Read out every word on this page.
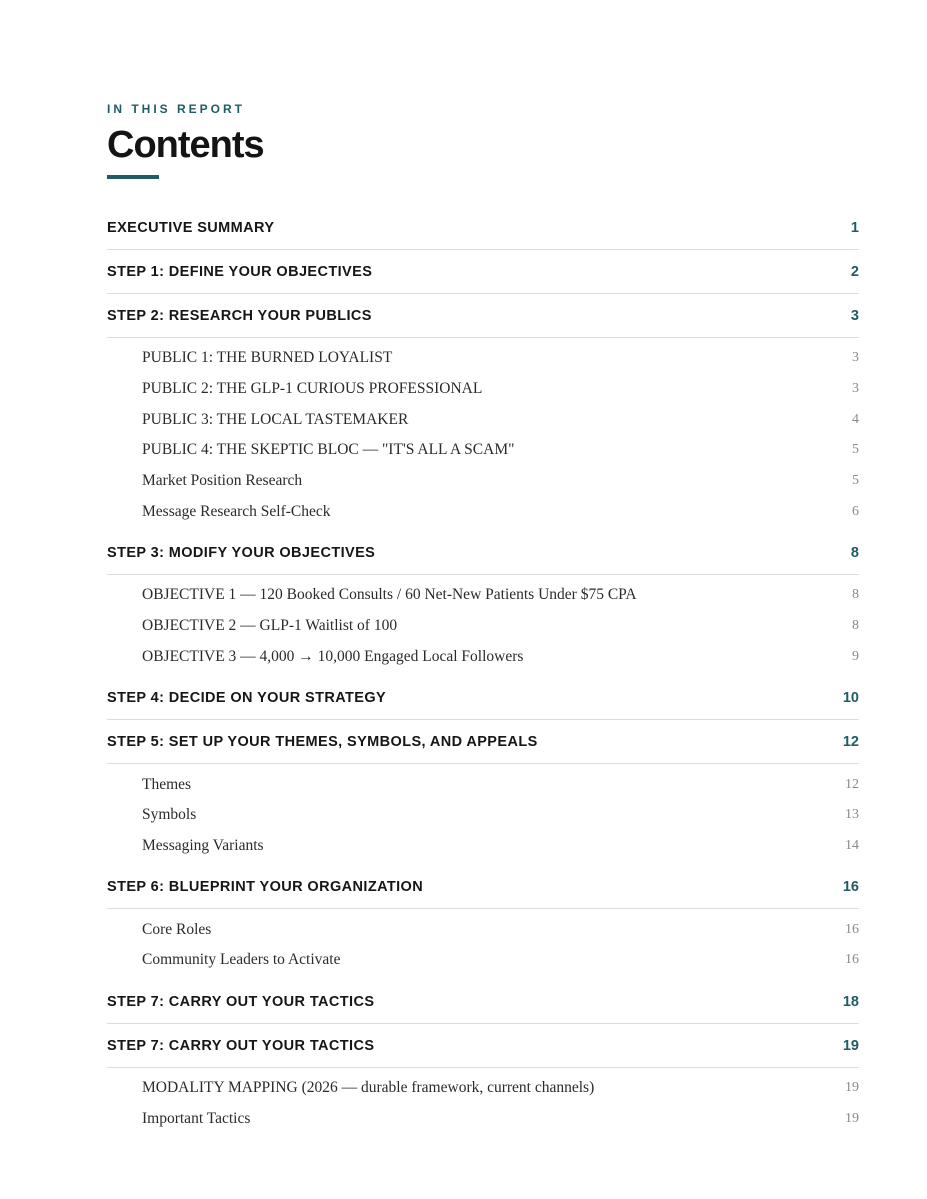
IN THIS REPORT
Contents
EXECUTIVE SUMMARY	1
STEP 1: DEFINE YOUR OBJECTIVES	2
STEP 2: RESEARCH YOUR PUBLICS	3
PUBLIC 1: THE BURNED LOYALIST	3
PUBLIC 2: THE GLP-1 CURIOUS PROFESSIONAL	3
PUBLIC 3: THE LOCAL TASTEMAKER	4
PUBLIC 4: THE SKEPTIC BLOC — "IT'S ALL A SCAM"	5
Market Position Research	5
Message Research Self-Check	6
STEP 3: MODIFY YOUR OBJECTIVES	8
OBJECTIVE 1 — 120 Booked Consults / 60 Net-New Patients Under $75 CPA	8
OBJECTIVE 2 — GLP-1 Waitlist of 100	8
OBJECTIVE 3 — 4,000 → 10,000 Engaged Local Followers	9
STEP 4: DECIDE ON YOUR STRATEGY	10
STEP 5: SET UP YOUR THEMES, SYMBOLS, AND APPEALS	12
Themes	12
Symbols	13
Messaging Variants	14
STEP 6: BLUEPRINT YOUR ORGANIZATION	16
Core Roles	16
Community Leaders to Activate	16
STEP 7: CARRY OUT YOUR TACTICS	18
STEP 7: CARRY OUT YOUR TACTICS	19
MODALITY MAPPING (2026 — durable framework, current channels)	19
Important Tactics	19
